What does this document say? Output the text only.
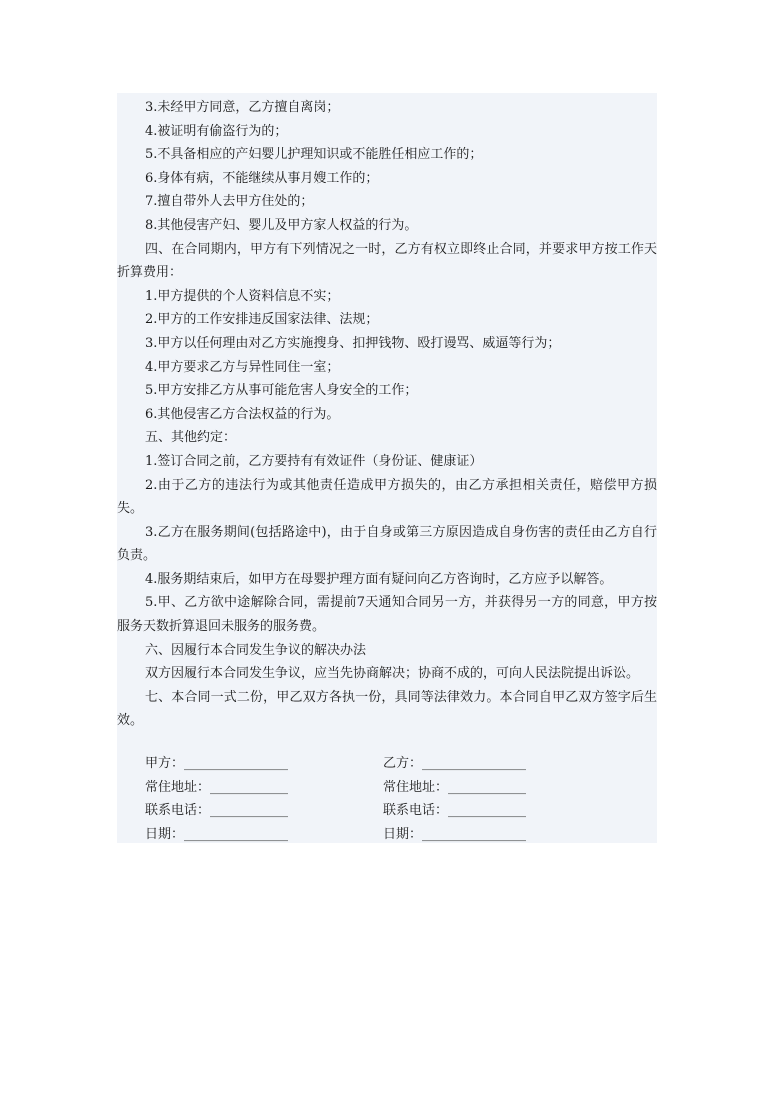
3.未经甲方同意，乙方擅自离岗；

4.被证明有偷盗行为的；

5.不具备相应的产妇婴儿护理知识或不能胜任相应工作的；

6.身体有病，不能继续从事月嫂工作的；

7.擅自带外人去甲方住处的；

8.其他侵害产妇、婴儿及甲方家人权益的行为。

四、在合同期内，甲方有下列情况之一时，乙方有权立即终止合同，并要求甲方按工作天折算费用：

1.甲方提供的个人资料信息不实；

2.甲方的工作安排违反国家法律、法规；

3.甲方以任何理由对乙方实施搜身、扣押钱物、殴打谩骂、威逼等行为；

4.甲方要求乙方与异性同住一室；

5.甲方安排乙方从事可能危害人身安全的工作；

6.其他侵害乙方合法权益的行为。

五、其他约定：

1.签订合同之前，乙方要持有有效证件（身份证、健康证）

2.由于乙方的违法行为或其他责任造成甲方损失的，由乙方承担相关责任，赔偿甲方损失。

3.乙方在服务期间(包括路途中)，由于自身或第三方原因造成自身伤害的责任由乙方自行负责。

4.服务期结束后，如甲方在母婴护理方面有疑问向乙方咨询时，乙方应予以解答。

5.甲、乙方欲中途解除合同，需提前7天通知合同另一方，并获得另一方的同意，甲方按服务天数折算退回未服务的服务费。

六、因履行本合同发生争议的解决办法

双方因履行本合同发生争议，应当先协商解决；协商不成的，可向人民法院提出诉讼。

七、本合同一式二份，甲乙双方各执一份，具同等法律效力。本合同自甲乙双方签字后生效。

甲方： ________________	乙方： ________________
常住地址： ____________	常住地址： ____________
联系电话： ____________	联系电话： ____________
日期： ________________	日期： ________________
